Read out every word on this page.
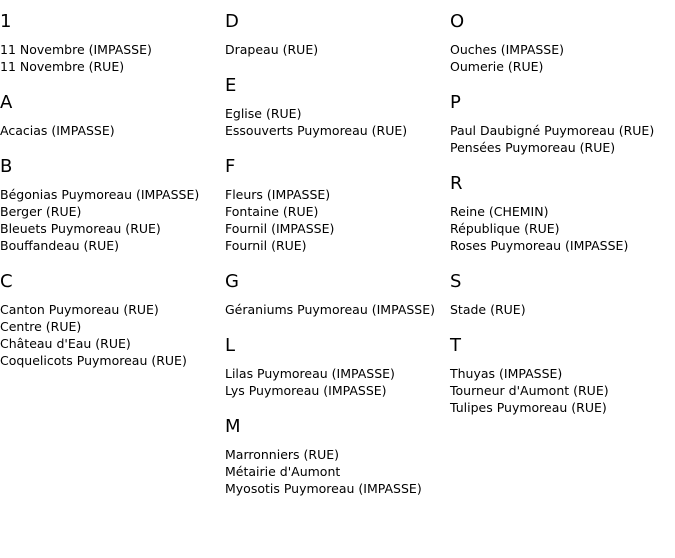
1
11 Novembre (IMPASSE)
11 Novembre (RUE)
A
Acacias (IMPASSE)
B
Bégonias Puymoreau (IMPASSE)
Berger (RUE)
Bleuets Puymoreau (RUE)
Bouffandeau (RUE)
C
Canton Puymoreau (RUE)
Centre (RUE)
Château d'Eau (RUE)
Coquelicots Puymoreau (RUE)
D
Drapeau (RUE)
E
Eglise (RUE)
Essouverts Puymoreau (RUE)
F
Fleurs (IMPASSE)
Fontaine (RUE)
Fournil (IMPASSE)
Fournil (RUE)
G
Géraniums Puymoreau (IMPASSE)
L
Lilas Puymoreau (IMPASSE)
Lys Puymoreau (IMPASSE)
M
Marronniers (RUE)
Métairie d'Aumont
Myosotis Puymoreau (IMPASSE)
O
Ouches (IMPASSE)
Oumerie (RUE)
P
Paul Daubigné Puymoreau (RUE)
Pensées Puymoreau (RUE)
R
Reine (CHEMIN)
République (RUE)
Roses Puymoreau (IMPASSE)
S
Stade (RUE)
T
Thuyas (IMPASSE)
Tourneur d'Aumont (RUE)
Tulipes Puymoreau (RUE)
